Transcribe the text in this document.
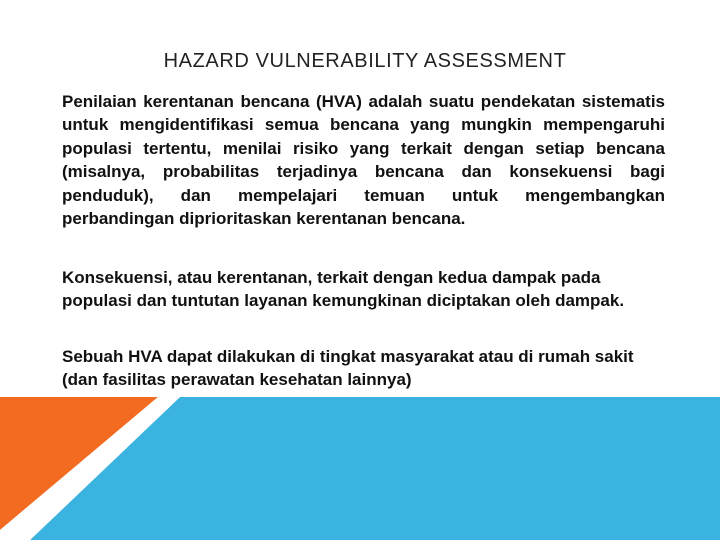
HAZARD VULNERABILITY ASSESSMENT

Penilaian kerentanan bencana (HVA) adalah suatu pendekatan sistematis untuk mengidentifikasi semua bencana yang mungkin mempengaruhi populasi tertentu, menilai risiko yang terkait dengan setiap bencana (misalnya, probabilitas terjadinya bencana dan konsekuensi bagi penduduk), dan mempelajari temuan untuk mengembangkan perbandingan diprioritaskan kerentanan bencana.

Konsekuensi, atau kerentanan, terkait dengan kedua dampak pada populasi dan tuntutan layanan kemungkinan diciptakan oleh dampak.

Sebuah HVA dapat dilakukan di tingkat masyarakat atau di rumah sakit (dan fasilitas perawatan kesehatan lainnya)
